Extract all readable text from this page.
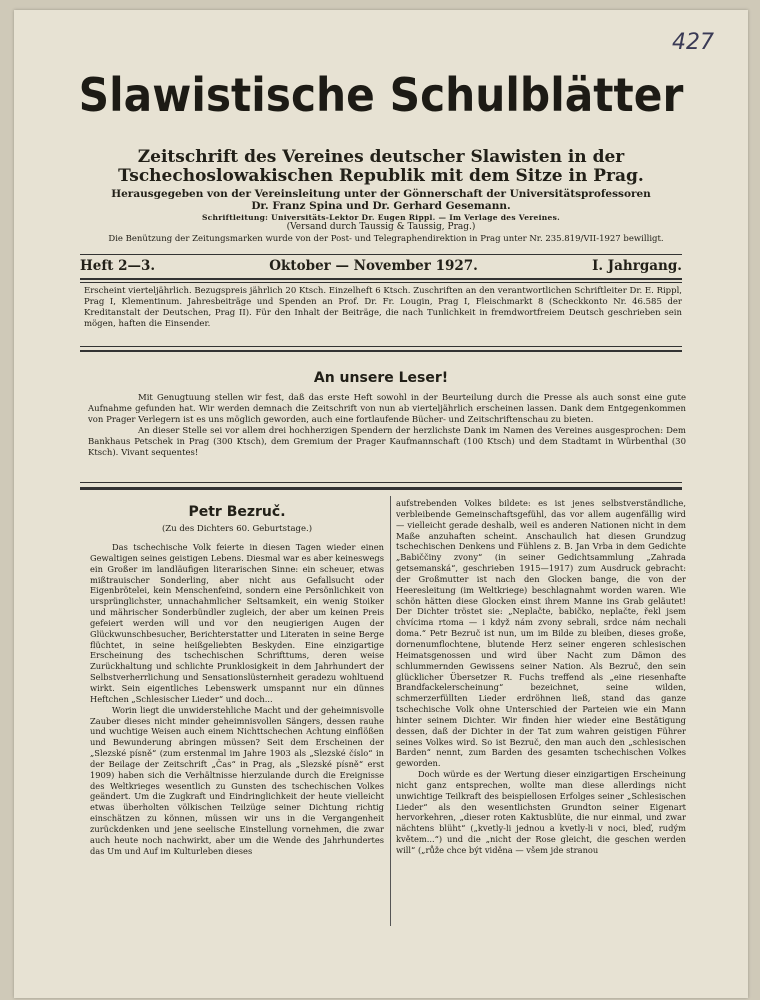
427
Slawistische Schulblätter
Zeitschrift des Vereines deutscher Slawisten in der
Tschechoslowakischen Republik mit dem Sitze in Prag.
Herausgegeben von der Vereinsleitung unter der Gönnerschaft der Universitätsprofessoren
Dr. Franz Spina und Dr. Gerhard Gesemann.
Schriftleitung: Universitäts-Lektor Dr. Eugen Rippl. — Im Verlage des Vereines.
(Versand durch Taussig & Taussig, Prag.)
Die Benützung der Zeitungsmarken wurde von der Post- und Telegraphendirektion in Prag unter Nr. 235.819/VII-1927 bewilligt.
Heft 2—3.	Oktober — November 1927.	I. Jahrgang.
Erscheint vierteljährlich. Bezugspreis jährlich 20 Ktsch. Einzelheft 6 Ktsch. Zuschriften an den verantwortlichen Schriftleiter Dr. E. Rippl, Prag I, Klementinum. Jahresbeiträge und Spenden an Prof. Dr. Fr. Lougin, Prag I, Fleischmarkt 8 (Scheckkonto Nr. 46.585 der Kreditanstalt der Deutschen, Prag II). Für den Inhalt der Beiträge, die nach Tunlichkeit in fremdwortfreiem Deutsch geschrieben sein mögen, haften die Einsender.
An unsere Leser!

Mit Genugtuung stellen wir fest, daß das erste Heft sowohl in der Beurteilung durch die Presse als auch sonst eine gute Aufnahme gefunden hat. Wir werden demnach die Zeitschrift von nun ab vierteljährlich erscheinen lassen. Dank dem Entgegenkommen von Prager Verlegern ist es uns möglich geworden, auch eine fortlaufende Bücher- und Zeitschriftenschau zu bieten.

An dieser Stelle sei vor allem drei hochherzigen Spendern der herzlichste Dank im Namen des Vereines ausgesprochen: Dem Bankhaus Petschek in Prag (300 Ktsch), dem Gremium der Prager Kaufmannschaft (100 Ktsch) und dem Stadtamt in Würbenthal (30 Ktsch). Vivant sequentes!

Petr Bezruč.
(Zu des Dichters 60. Geburtstage.)

Das tschechische Volk feierte in diesen Tagen wieder einen Gewaltigen seines geistigen Lebens. Diesmal war es aber keineswegs ein Großer im landläufigen literarischen Sinne: ein scheuer, etwas mißtrauischer Sonderling, aber nicht aus Gefallsucht oder Eigenbrötelei, kein Menschenfeind, sondern eine Persönlichkeit von ursprünglichster, unnachahmlicher Seltsamkeit, ein wenig Stoiker und mährischer Sonderbündler zugleich, der aber um keinen Preis gefeiert werden will und vor den neugierigen Augen der Glückwunschbesucher, Berichterstatter und Literaten in seine Berge flüchtet, in seine heißgeliebten Beskyden. Eine einzigartige Erscheinung des tschechischen Schrifttums, deren weise Zurückhaltung und schlichte Prunklosigkeit in dem Jahrhundert der Selbstverherrlichung und Sensationslüsternheit geradezu wohltuend wirkt. Sein eigentliches Lebenswerk umspannt nur ein dünnes Heftchen „Schlesischer Lieder“ und doch...

Worin liegt die unwiderstehliche Macht und der geheimnisvolle Zauber dieses nicht minder geheimnisvollen Sängers, dessen rauhe und wuchtige Weisen auch einem Nichttschechen Achtung einflößen und Bewunderung abringen müssen? Seit dem Erscheinen der „Slezské písně“ (zum erstenmal im Jahre 1903 als „Slezské číslo“ in der Beilage der Zeitschrift „Čas“ in Prag, als „Slezské písně“ erst 1909) haben sich die Verhältnisse hierzulande durch die Ereignisse des Weltkrieges wesentlich zu Gunsten des tschechischen Volkes geändert. Um die Zugkraft und Eindringlichkeit der heute vielleicht etwas überholten völkischen Teilzüge seiner Dichtung richtig einschätzen zu können, müssen wir uns in die Vergangenheit zurückdenken und jene seelische Einstellung vornehmen, die zwar auch heute noch nachwirkt, aber um die Wende des Jahrhundertes das Um und Auf im Kulturleben dieses

aufstrebenden Volkes bildete: es ist jenes selbstverständliche, verbleibende Gemeinschaftsgefühl, das vor allem augenfällig wird — vielleicht gerade deshalb, weil es anderen Nationen nicht in dem Maße anzuhaften scheint. Anschaulich hat diesen Grundzug tschechischen Denkens und Fühlens z. B. Jan Vrba in dem Gedichte „Babiččiny zvony“ (in seiner Gedichtsammlung „Zahrada getsemanská“, geschrieben 1915—1917) zum Ausdruck gebracht: der Großmutter ist nach den Glocken bange, die von der Heeresleitung (im Weltkriege) beschlagnahmt worden waren. Wie schön hätten diese Glocken einst ihrem Manne ins Grab geläutet! Der Dichter tröstet sie: „Neplačte, babičko, neplačte, řekl jsem chvícima rtoma — i když nám zvony sebrali, srdce nám nechali doma.“ Petr Bezruč ist nun, um im Bilde zu bleiben, dieses große, dornenumflochtene, blutende Herz seiner engeren schlesischen Heimatsgenossen und wird über Nacht zum Dämon des schlummernden Gewissens seiner Nation. Als Bezruč, den sein glücklicher Übersetzer R. Fuchs treffend als „eine riesenhafte Brandfackelerscheinung“ bezeichnet, seine wilden, schmerzerfüllten Lieder erdröhnen ließ, stand das ganze tschechische Volk ohne Unterschied der Parteien wie ein Mann hinter seinem Dichter. Wir finden hier wieder eine Bestätigung dessen, daß der Dichter in der Tat zum wahren geistigen Führer seines Volkes wird. So ist Bezruč, den man auch den „schlesischen Barden“ nennt, zum Barden des gesamten tschechischen Volkes geworden.

Doch würde es der Wertung dieser einzigartigen Erscheinung nicht ganz entsprechen, wollte man diese allerdings nicht unwichtige Teilkraft des beispiellosen Erfolges seiner „Schlesischen Lieder“ als den wesentlichsten Grundton seiner Eigenart hervorkehren, „dieser roten Kaktusblüte, die nur einmal, und zwar nächtens blüht“ („kvetly-li jednou a kvetly-li v noci, bleď, rudým květem...“) und die „nicht der Rose gleicht, die geschen werden will“ („růže chce být viděna — všem jde stranou
